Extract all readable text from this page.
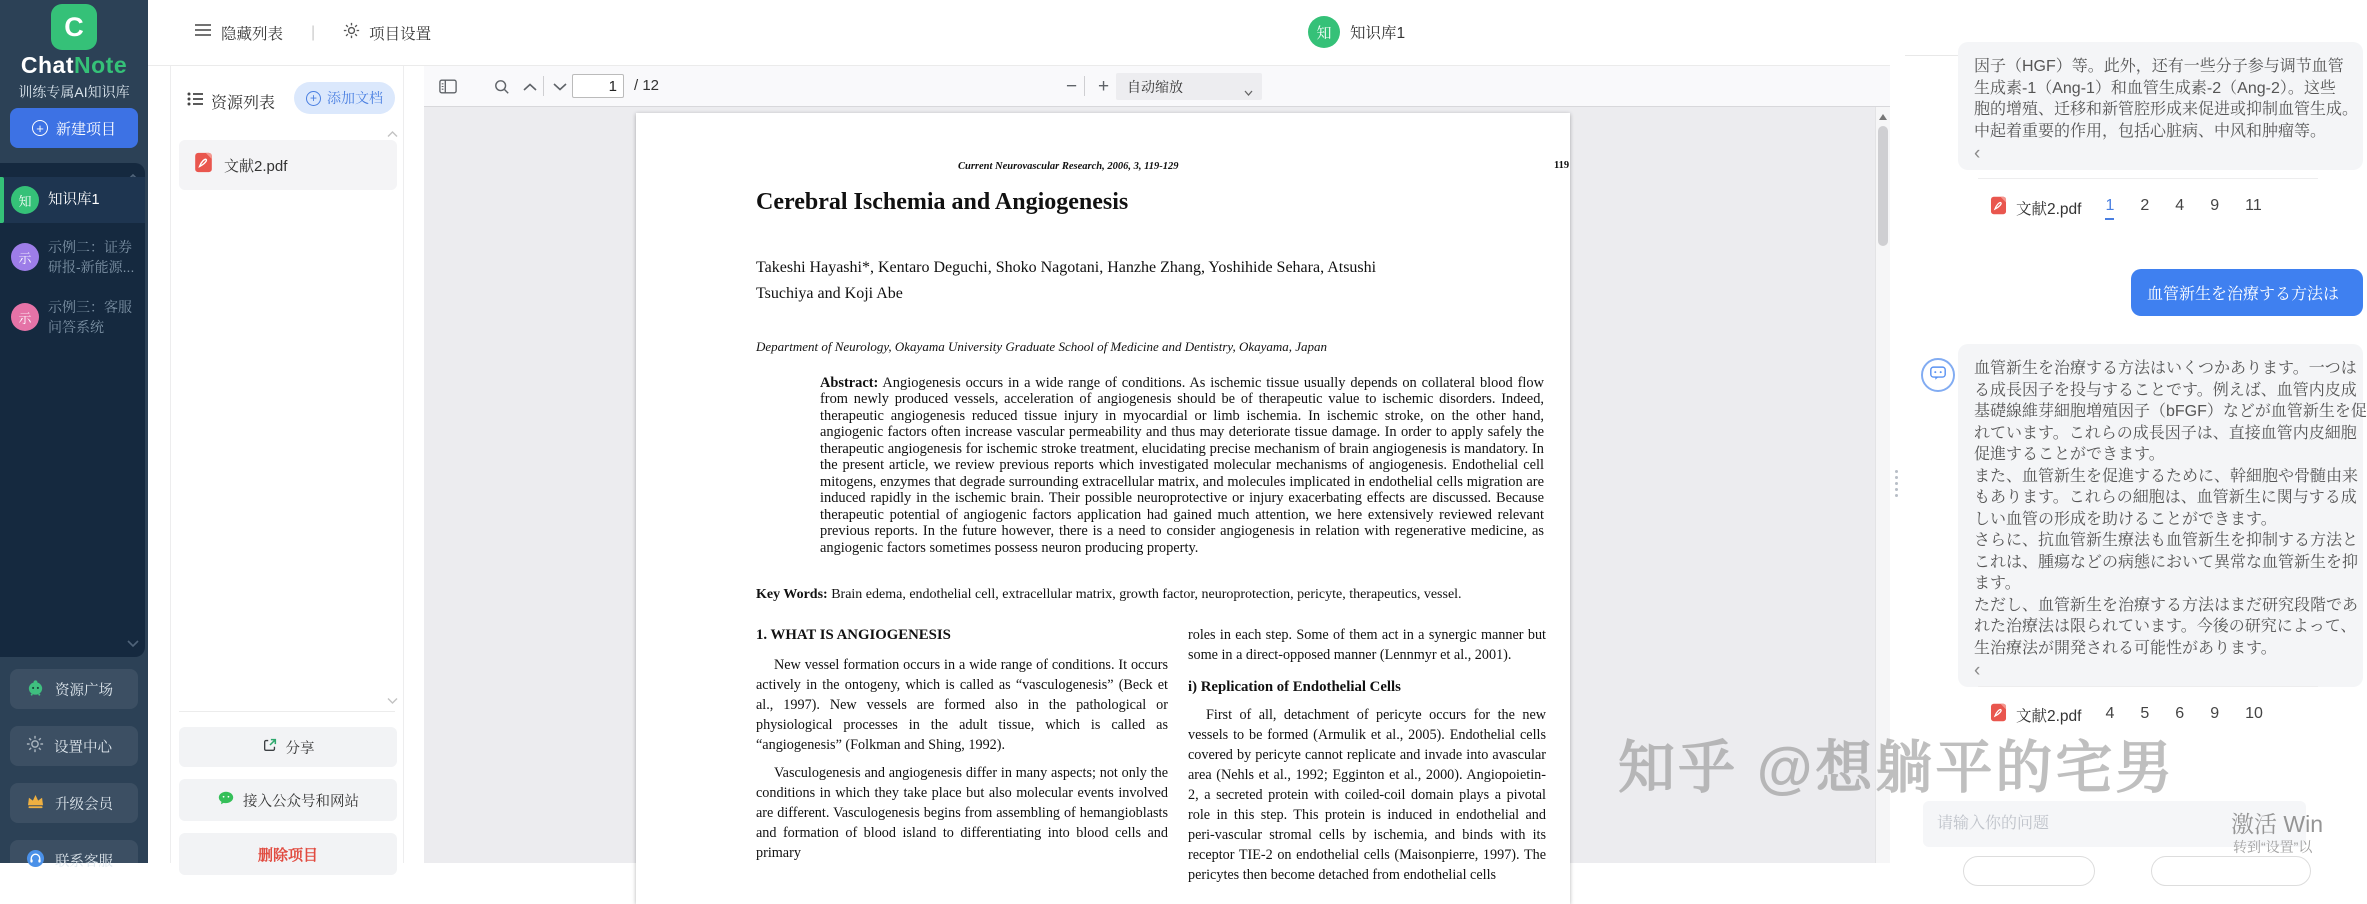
C
ChatNote
训练专属AI知识库
+ 新建项目
知	知识库1
示
示例二：证券
研报-新能源...
示
示例三：客服
问答系统
资源广场
设置中心
升级会员
联系客服
隐藏列表 |	项目设置	知	知识库1
资源列表	+ 添加文档
文献2.pdf
分享
接入公众号和网站
删除项目
1
/ 12	−	+	自动缩放
Current Neurovascular Research, 2006, 3, 119-129	119
Cerebral Ischemia and Angiogenesis
Takeshi Hayashi*, Kentaro Deguchi, Shoko Nagotani, Hanzhe Zhang, Yoshihide Sehara, Atsushi
Tsuchiya and Koji Abe
Department of Neurology, Okayama University Graduate School of Medicine and Dentistry, Okayama, Japan
Abstract: Angiogenesis occurs in a wide range of conditions. As ischemic tissue usually depends on collateral blood flow from newly produced vessels, acceleration of angiogenesis should be of therapeutic value to ischemic disorders. Indeed, therapeutic angiogenesis reduced tissue injury in myocardial or limb ischemia. In ischemic stroke, on the other hand, angiogenic factors often increase vascular permeability and thus may deteriorate tissue damage. In order to apply safely the therapeutic angiogenesis for ischemic stroke treatment, elucidating precise mechanism of brain angiogenesis is mandatory. In the present article, we review previous reports which investigated molecular mechanisms of angiogenesis. Endothelial cell mitogens, enzymes that degrade surrounding extracellular matrix, and molecules implicated in endothelial cells migration are induced rapidly in the ischemic brain. Their possible neuroprotective or injury exacerbating effects are discussed. Because therapeutic potential of angiogenic factors application had gained much attention, we here extensively reviewed relevant previous reports. In the future however, there is a need to consider angiogenesis in relation with regenerative medicine, as angiogenic factors sometimes possess neuron producing property.
Key Words: Brain edema, endothelial cell, extracellular matrix, growth factor, neuroprotection, pericyte, therapeutics, vessel.
1. WHAT IS ANGIOGENESIS

New vessel formation occurs in a wide range of conditions. It occurs actively in the ontogeny, which is called as “vasculogenesis” (Beck et al., 1997). New vessels are formed also in the pathological or physiological processes in the adult tissue, which is called as “angiogenesis” (Folkman and Shing, 1992).

Vasculogenesis and angiogenesis differ in many aspects; not only the conditions in which they take place but also molecular events involved are different. Vasculogenesis begins from assembling of hemangioblasts and formation of blood island to differentiating into blood cells and primary

roles in each step. Some of them act in a synergic manner but some in a direct-opposed manner (Lennmyr et al., 2001).

i) Replication of Endothelial Cells

First of all, detachment of pericyte occurs for the new vessels to be formed (Armulik et al., 2005). Endothelial cells covered by pericyte cannot replicate and invade into avascular area (Nehls et al., 1992; Egginton et al., 2000). Angiopoietin-2, a secreted protein with coiled-coil domain plays a pivotal role in this step. This protein is induced in endothelial and peri-vascular stromal cells by ischemia, and binds with its receptor TIE-2 on endothelial cells (Maisonpierre, 1997). The pericytes then become detached from endothelial cells

因子（HGF）等。此外，还有一些分子参与调节血管
生成素-1（Ang-1）和血管生成素-2（Ang-2）。这些
胞的增殖、迁移和新管腔形成来促进或抑制血管生成。
中起着重要的作用，包括心脏病、中风和肿瘤等。
‹
文献2.pdf 1 2 4 9 11
血管新生を治療する方法は
血管新生を治療する方法はいくつかあります。一つは
る成長因子を投与することです。例えば、血管内皮成
基礎線維芽細胞増殖因子（bFGF）などが血管新生を促
れています。これらの成長因子は、直接血管内皮細胞
促進することができます。
また、血管新生を促進するために、幹細胞や骨髄由来
もあります。これらの細胞は、血管新生に関与する成
しい血管の形成を助けることができます。
さらに、抗血管新生療法も血管新生を抑制する方法と
これは、腫瘍などの病態において異常な血管新生を抑
ます。
ただし、血管新生を治療する方法はまだ研究段階であ
れた治療法は限られています。今後の研究によって、
生治療法が開発される可能性があります。
‹
文献2.pdf 4 5 6 9 10
请输入你的问题
激活 Win
转到“设置”以
知乎 @想躺平的宅男
